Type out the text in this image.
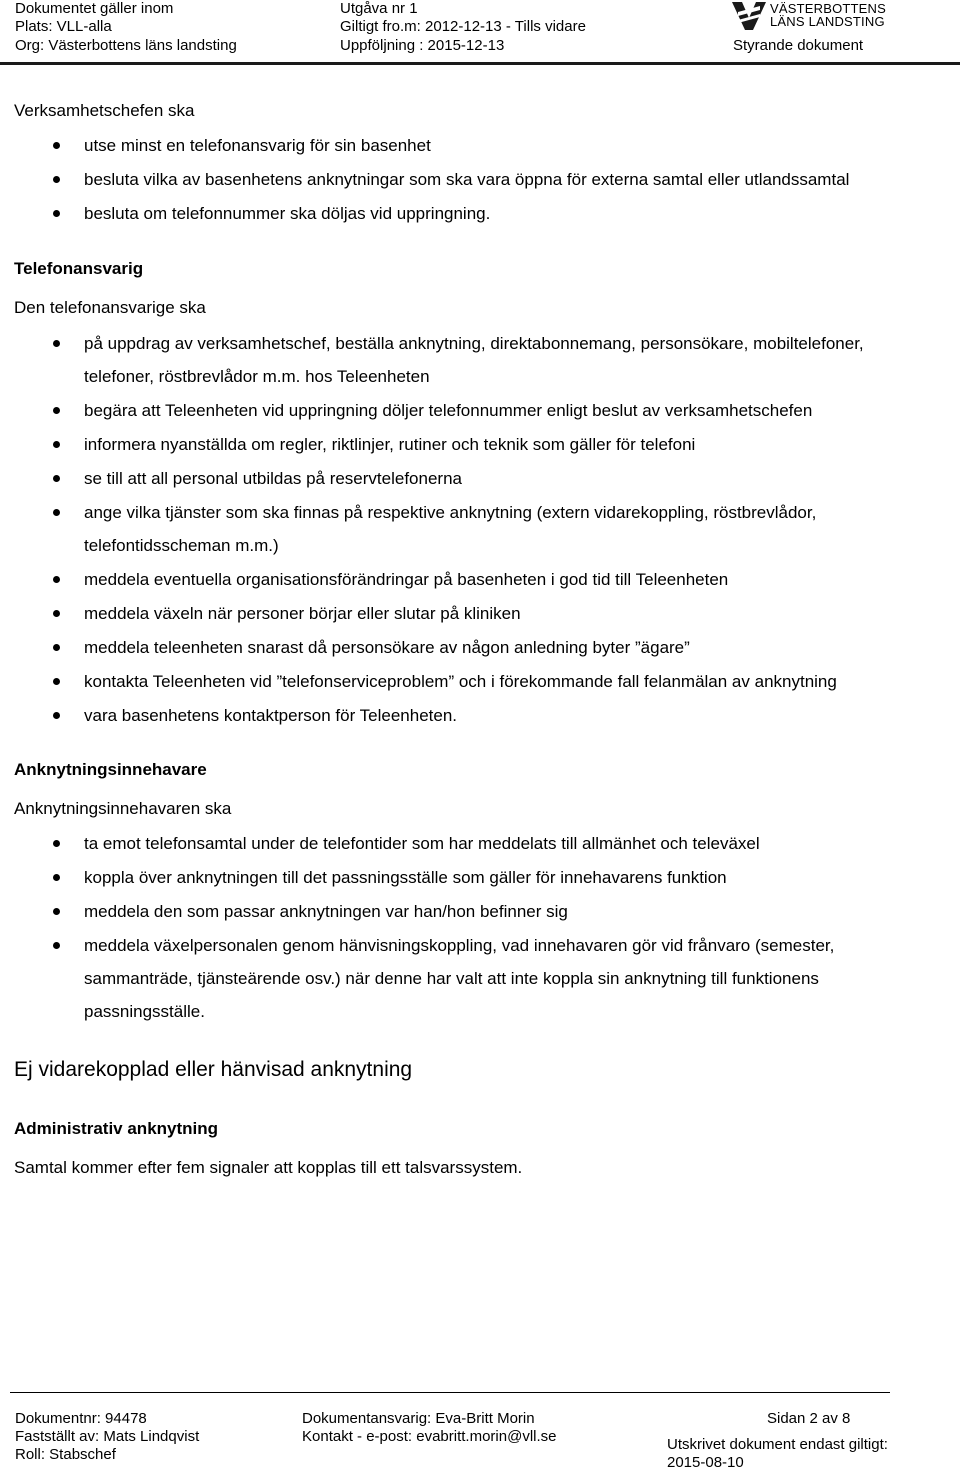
Dokumentet gäller inom
Plats: VLL-alla
Org: Västerbottens läns landsting
Utgåva nr 1
Giltigt fro.m: 2012-12-13 - Tills vidare
Uppföljning : 2015-12-13
VÄSTERBOTTENS
LÄNS LANDSTING
Styrande dokument

Verksamhetschefen ska

utse minst en telefonansvarig för sin basenhet
besluta vilka av basenhetens anknytningar som ska vara öppna för externa samtal eller utlandssamtal
besluta om telefonnummer ska döljas vid uppringning.

Telefonansvarig

Den telefonansvarige ska

på uppdrag av verksamhetschef, beställa anknytning, direktabonnemang, personsökare, mobiltelefoner, telefoner, röstbrevlådor m.m. hos Teleenheten
begära att Teleenheten vid uppringning döljer telefonnummer enligt beslut av verksamhetschefen
informera nyanställda om regler, riktlinjer, rutiner och teknik som gäller för telefoni
se till att all personal utbildas på reservtelefonerna
ange vilka tjänster som ska finnas på respektive anknytning (extern vidarekoppling, röstbrevlådor, telefontidsscheman m.m.)
meddela eventuella organisationsförändringar på basenheten i god tid till Teleenheten
meddela växeln när personer börjar eller slutar på kliniken
meddela teleenheten snarast då personsökare av någon anledning byter ”ägare”
kontakta Teleenheten vid ”telefonserviceproblem” och i förekommande fall felanmälan av anknytning
vara basenhetens kontaktperson för Teleenheten.

Anknytningsinnehavare

Anknytningsinnehavaren ska

ta emot telefonsamtal under de telefontider som har meddelats till allmänhet och televäxel
koppla över anknytningen till det passningsställe som gäller för innehavarens funktion
meddela den som passar anknytningen var han/hon befinner sig
meddela växelpersonalen genom hänvisningskoppling, vad innehavaren gör vid frånvaro (semester, sammanträde, tjänsteärende osv.) när denne har valt att inte koppla sin anknytning till funktionens passningsställe.

Ej vidarekopplad eller hänvisad anknytning

Administrativ anknytning

Samtal kommer efter fem signaler att kopplas till ett talsvarssystem.

Dokumentnr: 94478
Fastställt av: Mats Lindqvist
Roll: Stabschef
Dokumentansvarig: Eva-Britt Morin
Kontakt - e-post: evabritt.morin@vll.se
Sidan 2 av 8
Utskrivet dokument endast giltigt:
2015-08-10
